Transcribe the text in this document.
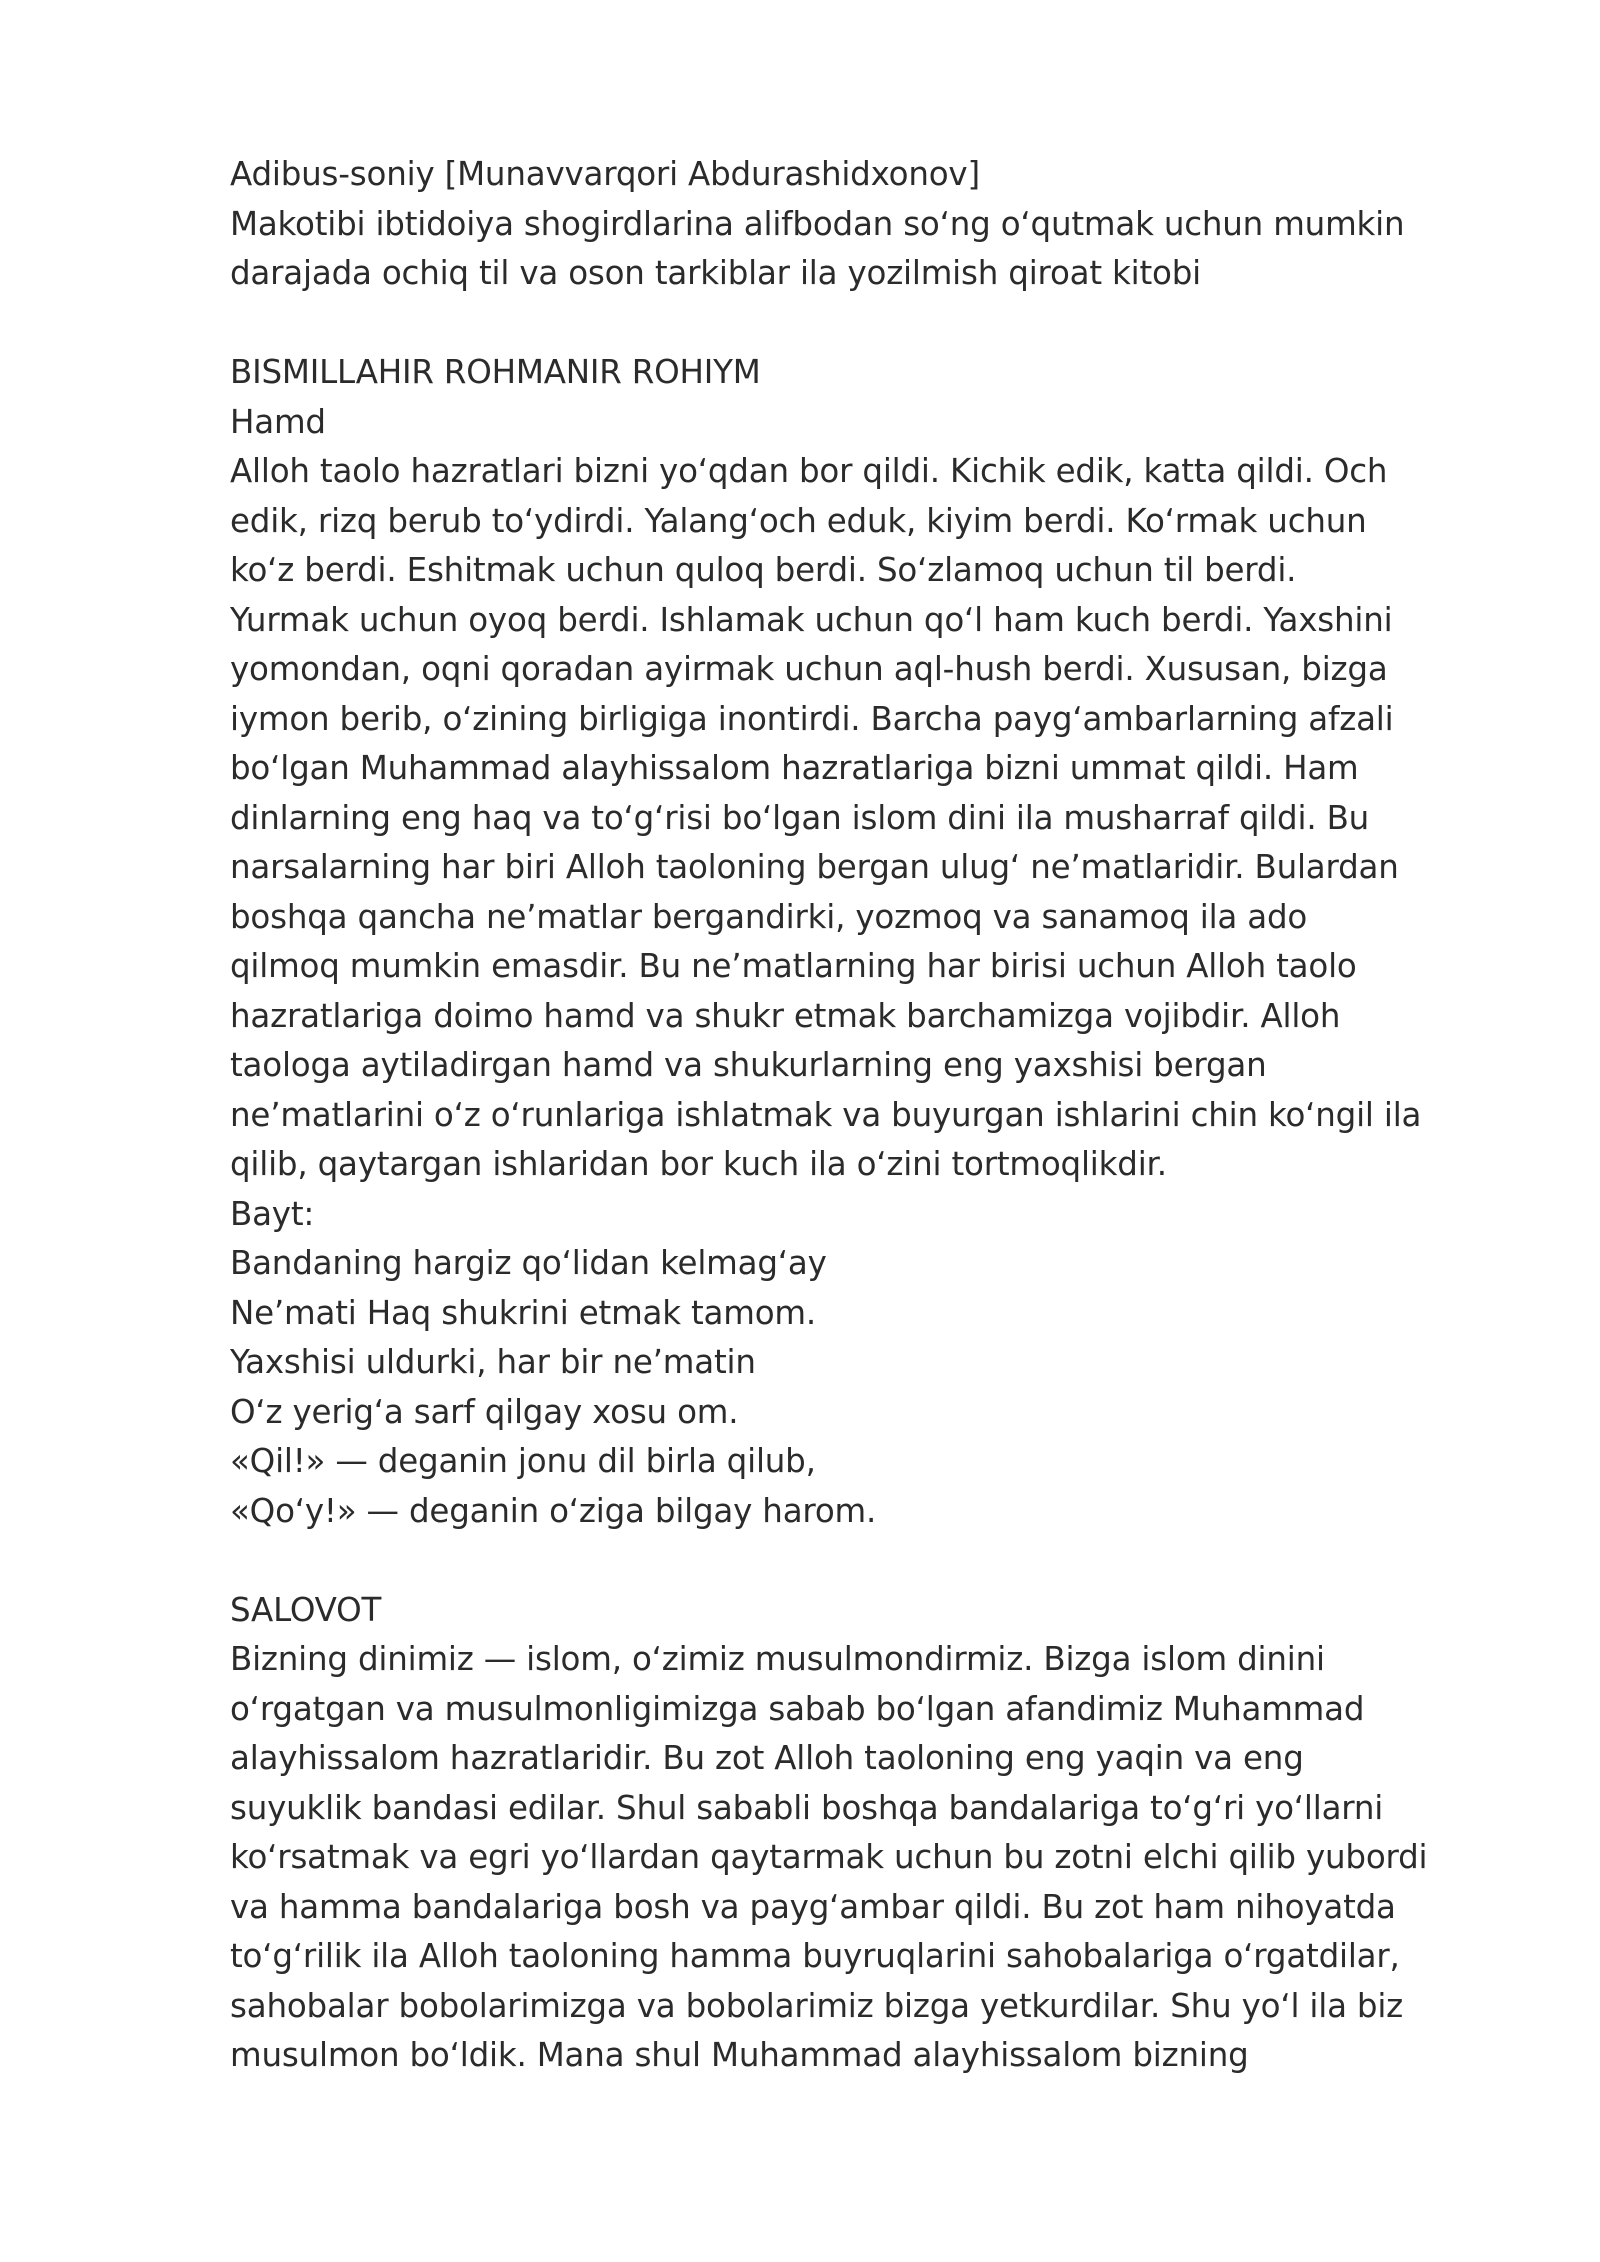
Adibus-soniy [Munavvarqori Abdurashidxonov]
Makotibi ibtidoiya shogirdlarina alifbodan so‘ng o‘qutmak uchun mumkin
darajada ochiq til va oson tarkiblar ila yozilmish qiroat kitobi
BISMILLAHIR ROHMANIR ROHIYM
Hamd
Alloh taolo hazratlari bizni yo‘qdan bor qildi. Kichik edik, katta qildi. Och
edik, rizq berub to‘ydirdi. Yalang‘och eduk, kiyim berdi. Ko‘rmak uchun
ko‘z berdi. Eshitmak uchun quloq berdi. So‘zlamoq uchun til berdi.
Yurmak uchun oyoq berdi. Ishlamak uchun qo‘l ham kuch berdi. Yaxshini
yomondan, oqni qoradan ayirmak uchun aql-hush berdi. Xususan, bizga
iymon berib, o‘zining birligiga inontirdi. Barcha payg‘ambarlarning afzali
bo‘lgan Muhammad alayhissalom hazratlariga bizni ummat qildi. Ham
dinlarning eng haq va to‘g‘risi bo‘lgan islom dini ila musharraf qildi. Bu
narsalarning har biri Alloh taoloning bergan ulug‘ ne’matlaridir. Bulardan
boshqa qancha ne’matlar bergandirki, yozmoq va sanamoq ila ado
qilmoq mumkin emasdir. Bu ne’matlarning har birisi uchun Alloh taolo
hazratlariga doimo hamd va shukr etmak barchamizga vojibdir. Alloh
taologa aytiladirgan hamd va shukurlarning eng yaxshisi bergan
ne’matlarini o‘z o‘runlariga ishlatmak va buyurgan ishlarini chin ko‘ngil ila
qilib, qaytargan ishlaridan bor kuch ila o‘zini tortmoqlikdir.
Bayt:
Bandaning hargiz qo‘lidan kelmag‘ay
Ne’mati Haq shukrini etmak tamom.
Yaxshisi uldurki, har bir ne’matin
O‘z yerig‘a sarf qilgay xosu om.
«Qil!» — deganin jonu dil birla qilub,
«Qo‘y!» — deganin o‘ziga bilgay harom.
SALOVOT
Bizning dinimiz — islom, o‘zimiz musulmondirmiz. Bizga islom dinini
o‘rgatgan va musulmonligimizga sabab bo‘lgan afandimiz Muhammad
alayhissalom hazratlaridir. Bu zot Alloh taoloning eng yaqin va eng
suyuklik bandasi edilar. Shul sababli boshqa bandalariga to‘g‘ri yo‘llarni
ko‘rsatmak va egri yo‘llardan qaytarmak uchun bu zotni elchi qilib yubordi
va hamma bandalariga bosh va payg‘ambar qildi. Bu zot ham nihoyatda
to‘g‘rilik ila Alloh taoloning hamma buyruqlarini sahobalariga o‘rgatdilar,
sahobalar bobolarimizga va bobolarimiz bizga yetkurdilar. Shu yo‘l ila biz
musulmon bo‘ldik. Mana shul Muhammad alayhissalom bizning
